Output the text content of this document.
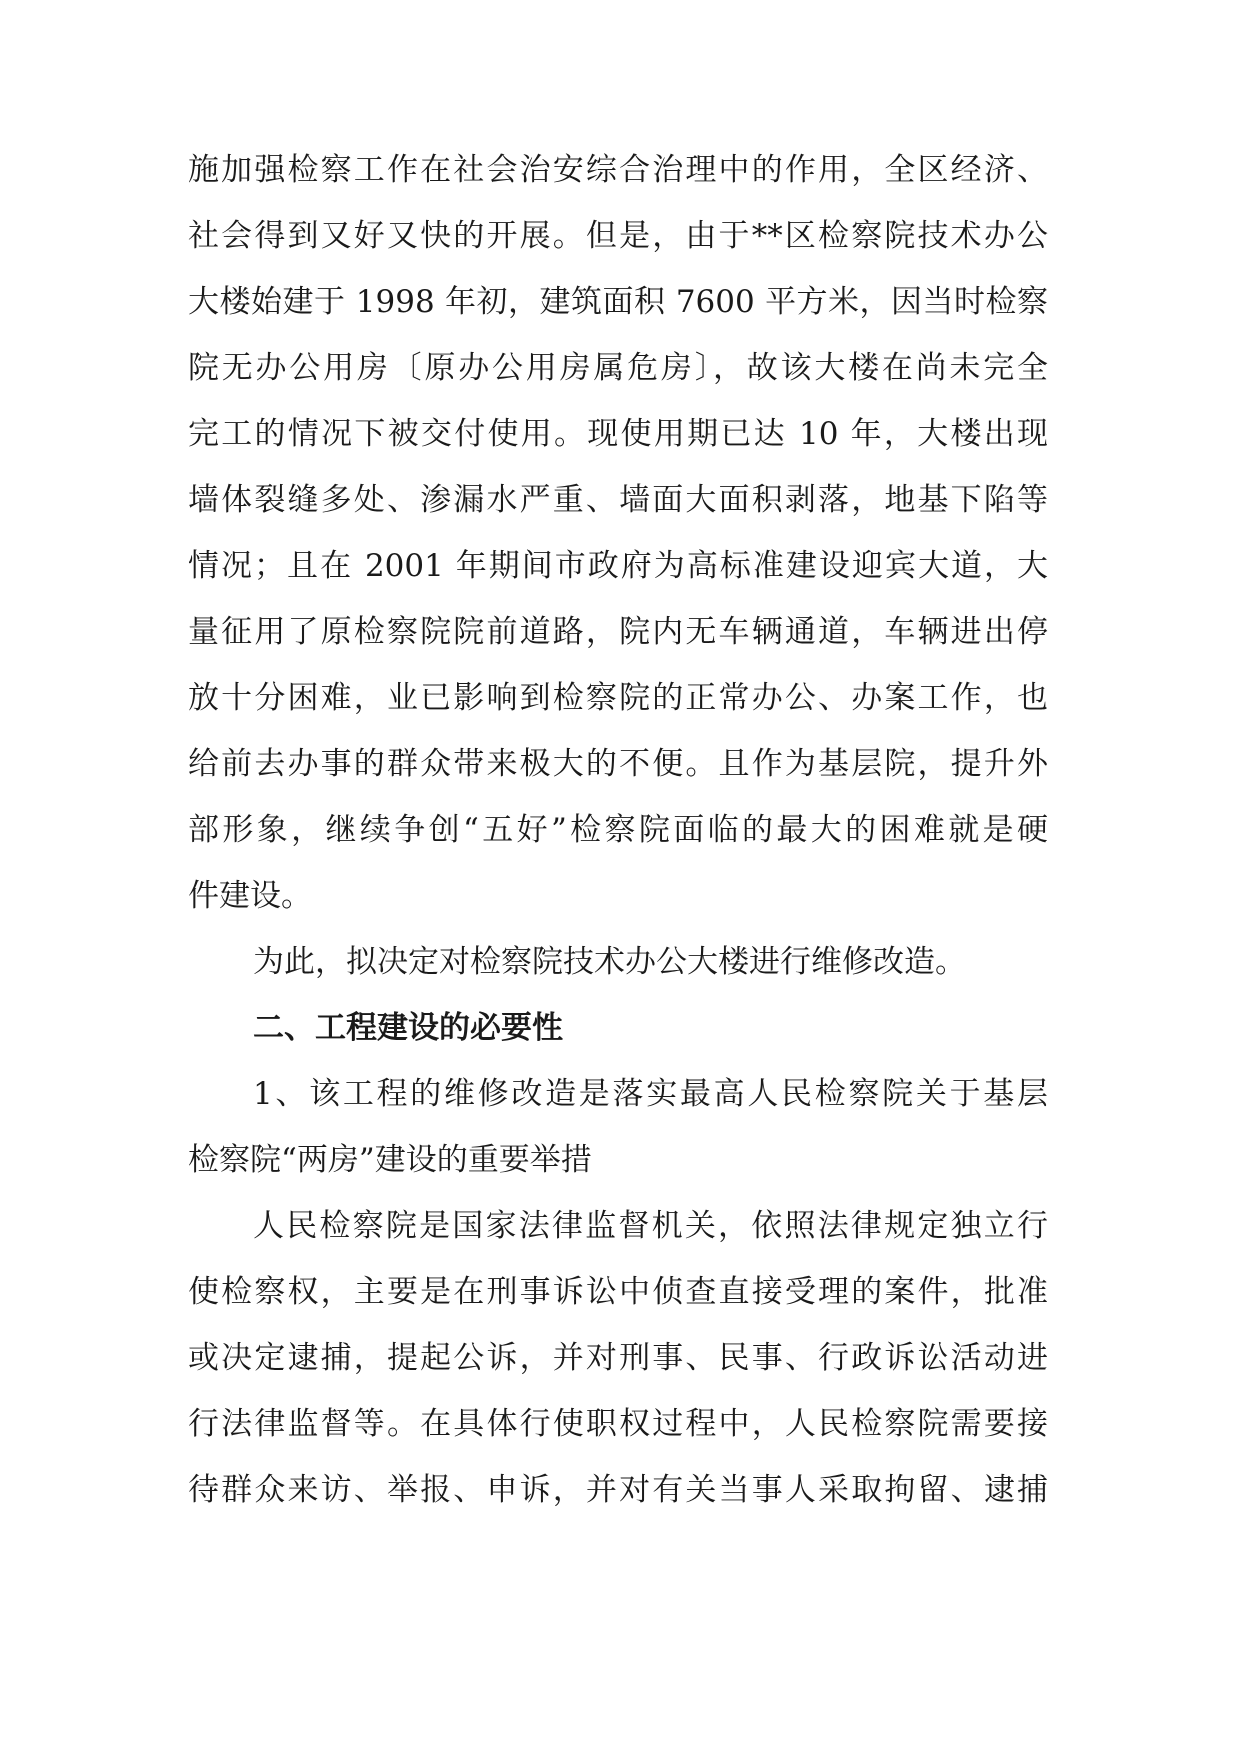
施加强检察工作在社会治安综合治理中的作用，全区经济、
社会得到又好又快的开展。但是，由于**区检察院技术办公
大楼始建于 1998 年初，建筑面积 7600 平方米，因当时检察
院无办公用房〔原办公用房属危房〕，故该大楼在尚未完全
完工的情况下被交付使用。现使用期已达 10 年，大楼出现
墙体裂缝多处、渗漏水严重、墙面大面积剥落，地基下陷等
情况；且在 2001 年期间市政府为高标准建设迎宾大道，大
量征用了原检察院院前道路，院内无车辆通道，车辆进出停
放十分困难，业已影响到检察院的正常办公、办案工作，也
给前去办事的群众带来极大的不便。且作为基层院，提升外
部形象，继续争创“五好”检察院面临的最大的困难就是硬
件建设。
为此，拟决定对检察院技术办公大楼进行维修改造。
二、工程建设的必要性
1、该工程的维修改造是落实最高人民检察院关于基层
检察院“两房”建设的重要举措
人民检察院是国家法律监督机关，依照法律规定独立行
使检察权，主要是在刑事诉讼中侦查直接受理的案件，批准
或决定逮捕，提起公诉，并对刑事、民事、行政诉讼活动进
行法律监督等。在具体行使职权过程中，人民检察院需要接
待群众来访、举报、申诉，并对有关当事人采取拘留、逮捕
